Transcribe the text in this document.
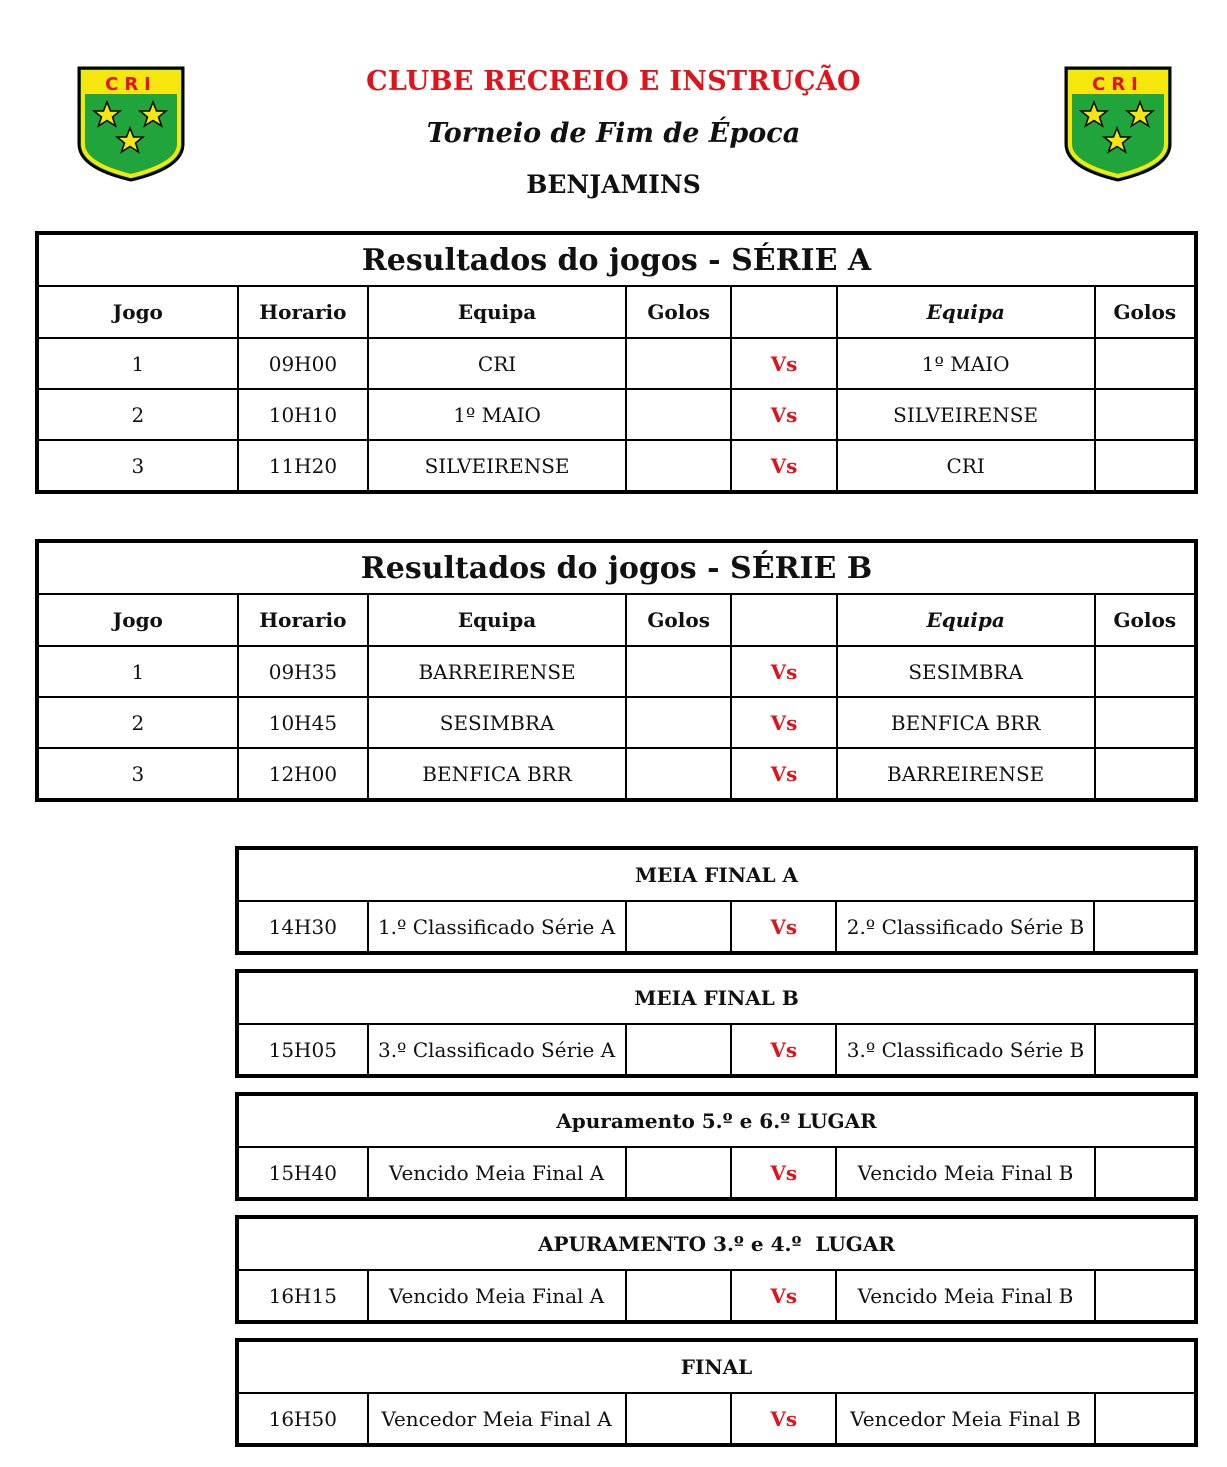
CLUBE RECREIO E INSTRUÇÃO
Torneio de Fim de Época
BENJAMINS
CRI	CRI
Resultados do jogos - SÉRIE A						
Jogo	Horario	Equipa	Golos		Equipa	Golos
1	09H00	CRI		Vs	1º MAIO	
2	10H10	1º MAIO		Vs	SILVEIRENSE	
3	11H20	SILVEIRENSE		Vs	CRI	
Resultados do jogos - SÉRIE B						
Jogo	Horario	Equipa	Golos		Equipa	Golos
1	09H35	BARREIRENSE		Vs	SESIMBRA	
2	10H45	SESIMBRA		Vs	BENFICA BRR	
3	12H00	BENFICA BRR		Vs	BARREIRENSE	
MEIA FINAL A
14H30	1.º Classificado Série A		Vs	2.º Classificado Série B	
MEIA FINAL B
15H05	3.º Classificado Série A		Vs	3.º Classificado Série B	
Apuramento 5.º e 6.º LUGAR
15H40	Vencido Meia Final A		Vs	Vencido Meia Final B	
APURAMENTO 3.º e 4.º  LUGAR
16H15	Vencido Meia Final A		Vs	Vencido Meia Final B	
FINAL
16H50	Vencedor Meia Final A		Vs	Vencedor Meia Final B	
